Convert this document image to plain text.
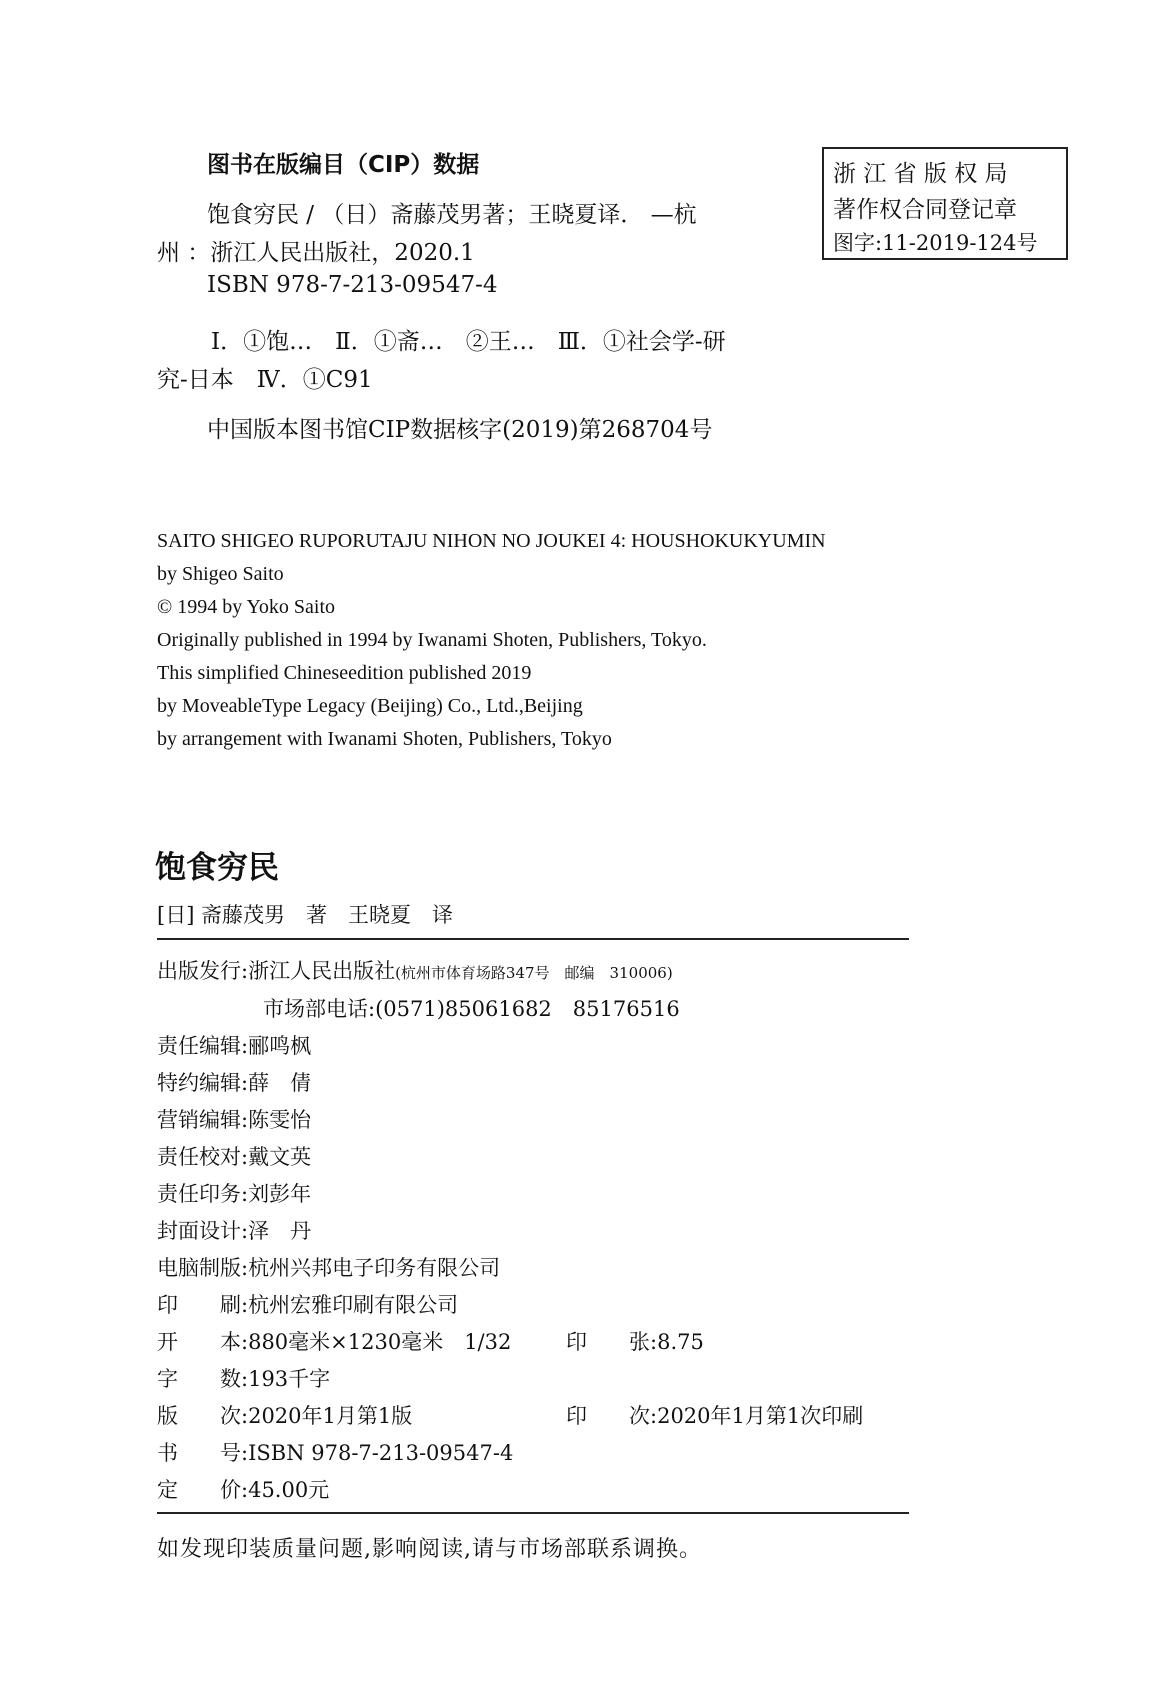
图书在版编目（CIP）数据
饱食穷民 / （日）斋藤茂男著；王晓夏译． —杭
州 ：浙江人民出版社，2020.1
ISBN 978-7-213-09547-4
Ⅰ．①饱…　Ⅱ．①斋…　②王…　Ⅲ．①社会学-研
究-日本　Ⅳ．①C91
中国版本图书馆CIP数据核字(2019)第268704号
浙 江 省 版 权 局
著作权合同登记章
图字:11-2019-124号
SAITO SHIGEO RUPORUTAJU NIHON NO JOUKEI 4: HOUSHOKUKYUMIN
by Shigeo Saito
© 1994 by Yoko Saito
Originally published in 1994 by Iwanami Shoten, Publishers, Tokyo.
This simplified Chineseedition published 2019
by MoveableType Legacy (Beijing) Co., Ltd.,Beijing
by arrangement with Iwanami Shoten, Publishers, Tokyo
饱食穷民
[日] 斋藤茂男　著　王晓夏　译
出版发行:浙江人民出版社(杭州市体育场路347号　邮编　310006)
市场部电话:(0571)85061682　85176516
责任编辑:郦鸣枫
特约编辑:薛　倩
营销编辑:陈雯怡
责任校对:戴文英
责任印务:刘彭年
封面设计:泽　丹
电脑制版:杭州兴邦电子印务有限公司
印　　刷:杭州宏雅印刷有限公司
开　　本:880毫米×1230毫米　1/32	印　　张:8.75
字　　数:193千字
版　　次:2020年1月第1版	印　　次:2020年1月第1次印刷
书　　号:ISBN 978-7-213-09547-4
定　　价:45.00元
如发现印装质量问题,影响阅读,请与市场部联系调换。
